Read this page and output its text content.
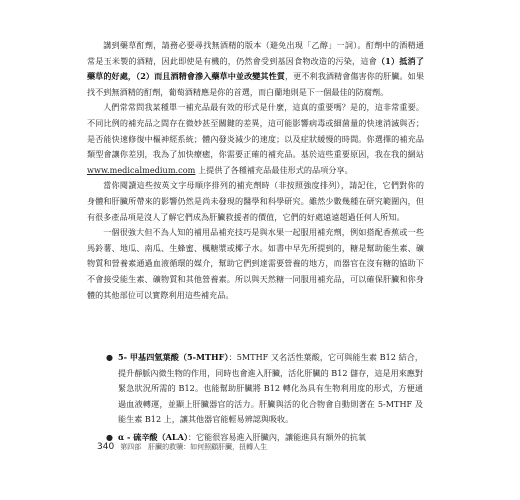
講到藥草酊劑，請務必要尋找無酒精的版本（避免出現「乙醇」一詞）。酊劑中的酒精通常是玉米製的酒精，因此即使是有機的，仍然會受到基因食物改造的污染，這會（1）抵消了藥草的好處，（2）而且酒精會滲入藥草中並改變其性質，更不利我酒精會傷害你的肝臟。如果找不到無酒精的酊劑，葡萄酒精應是你的首選，而白蘭地則是下一個最佳的防腐劑。

人們常常問我某種單一補充品最有效的形式是什麼，這真的重要嗎？是的，這非常重要。不同比例的補充品之間存在微妙甚至關鍵的差異，這可能影響病毒或細菌量的快速消滅與否；是否能快速修復中樞神經系統；體內發炎減少的速度；以及症狀緩慢的時間。你選擇的補充品類型會讓你差別，我為了加快療癒，你需要正確的補充品。基於這些重要原因，我在我的網站 www.medicalmedium.com 上提供了各種補充品最佳形式的品項分享。

當你閱讀這些按英文字母順序排列的補充劑時（非按照強度排列），請記住，它們對你的身體和肝臟所帶來的影響仍然是尚未發現的醫學和科學研究。雖然少數幾種在研究範圍內，但有很多產品項是沒人了解它們成為肝臟救援者的價值，它們的好處遠遠超過任何人所知。

一個很強大但不為人知的補用品補充技巧是與水果一起服用補充劑，例如搭配香蕉或一些馬鈴薯、地瓜、南瓜、生蜂蜜、楓糖漿或椰子水。如書中早先所提到的，糖是幫助能生素、礦物質和營養素通過血液循環的媒介，幫助它們到達需要營養的地方，而器官在沒有糖的協助下不會接受能生素、礦物質和其他營養素。所以與天然糖一同服用補充品，可以確保肝臟和你身體的其他部位可以實際利用這些補充品。

● 5- 甲基四氫葉酸（5-MTHF）：5MTHF 又名活性葉酸，它可與能生素 B12 結合，提升靜脈內微生物的作用，同時也會進入肝臟，活化肝臟的 B12 儲存，這是用來應對緊急狀況所需的 B12。也能幫助肝臟將 B12 轉化為具有生物利用度的形式，方便通過血液轉運，並顯上肝臟器官的活力。肝臟與活的化合物會自動則著在 5-MTHF 及能生素 B12 上，讓其他器官能輕易辨認與吸收。
● α - 硫辛酸（ALA）：它能很容易進入肝臟內，讓能進具有額外的抗氧
340 第四部　肝臟的救贖：如何照顧肝臟，扭轉人生
